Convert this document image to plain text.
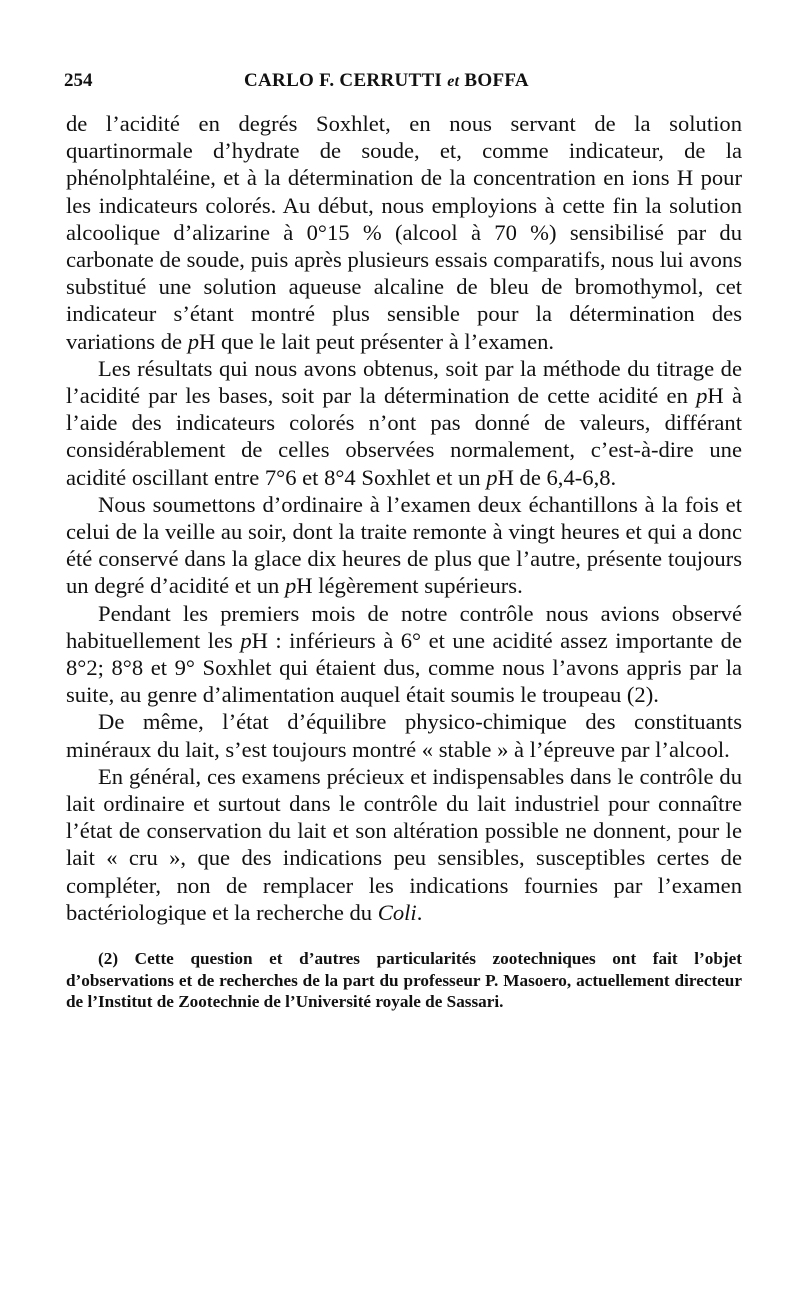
254	CARLO F. CERRUTTI et BOFFA

de l’acidité en degrés Soxhlet, en nous servant de la solution quartinormale d’hydrate de soude, et, comme indicateur, de la phénolphtaléine, et à la détermination de la concentration en ions H pour les indicateurs colorés. Au début, nous employions à cette fin la solution alcoolique d’alizarine à 0°15 % (alcool à 70 %) sensibilisé par du carbonate de soude, puis après plusieurs essais comparatifs, nous lui avons substitué une solution aqueuse alcaline de bleu de bromothymol, cet indicateur s’étant montré plus sensible pour la détermination des variations de pH que le lait peut présenter à l’examen.

Les résultats qui nous avons obtenus, soit par la méthode du titrage de l’acidité par les bases, soit par la détermination de cette acidité en pH à l’aide des indicateurs colorés n’ont pas donné de valeurs, différant considérablement de celles observées normalement, c’est-à-dire une acidité oscillant entre 7°6 et 8°4 Soxhlet et un pH de 6,4-6,8.

Nous soumettons d’ordinaire à l’examen deux échantillons à la fois et celui de la veille au soir, dont la traite remonte à vingt heures et qui a donc été conservé dans la glace dix heures de plus que l’autre, présente toujours un degré d’acidité et un pH légèrement supérieurs.

Pendant les premiers mois de notre contrôle nous avions observé habituellement les pH : inférieurs à 6° et une acidité assez importante de 8°2; 8°8 et 9° Soxhlet qui étaient dus, comme nous l’avons appris par la suite, au genre d’alimentation auquel était soumis le troupeau (2).

De même, l’état d’équilibre physico-chimique des constituants minéraux du lait, s’est toujours montré « stable » à l’épreuve par l’alcool.

En général, ces examens précieux et indispensables dans le contrôle du lait ordinaire et surtout dans le contrôle du lait industriel pour connaître l’état de conservation du lait et son altération possible ne donnent, pour le lait « cru », que des indications peu sensibles, susceptibles certes de compléter, non de remplacer les indications fournies par l’examen bactériologique et la recherche du Coli.

(2) Cette question et d’autres particularités zootechniques ont fait l’objet d’observations et de recherches de la part du professeur P. Masoero, actuellement directeur de l’Institut de Zootechnie de l’Université royale de Sassari.
